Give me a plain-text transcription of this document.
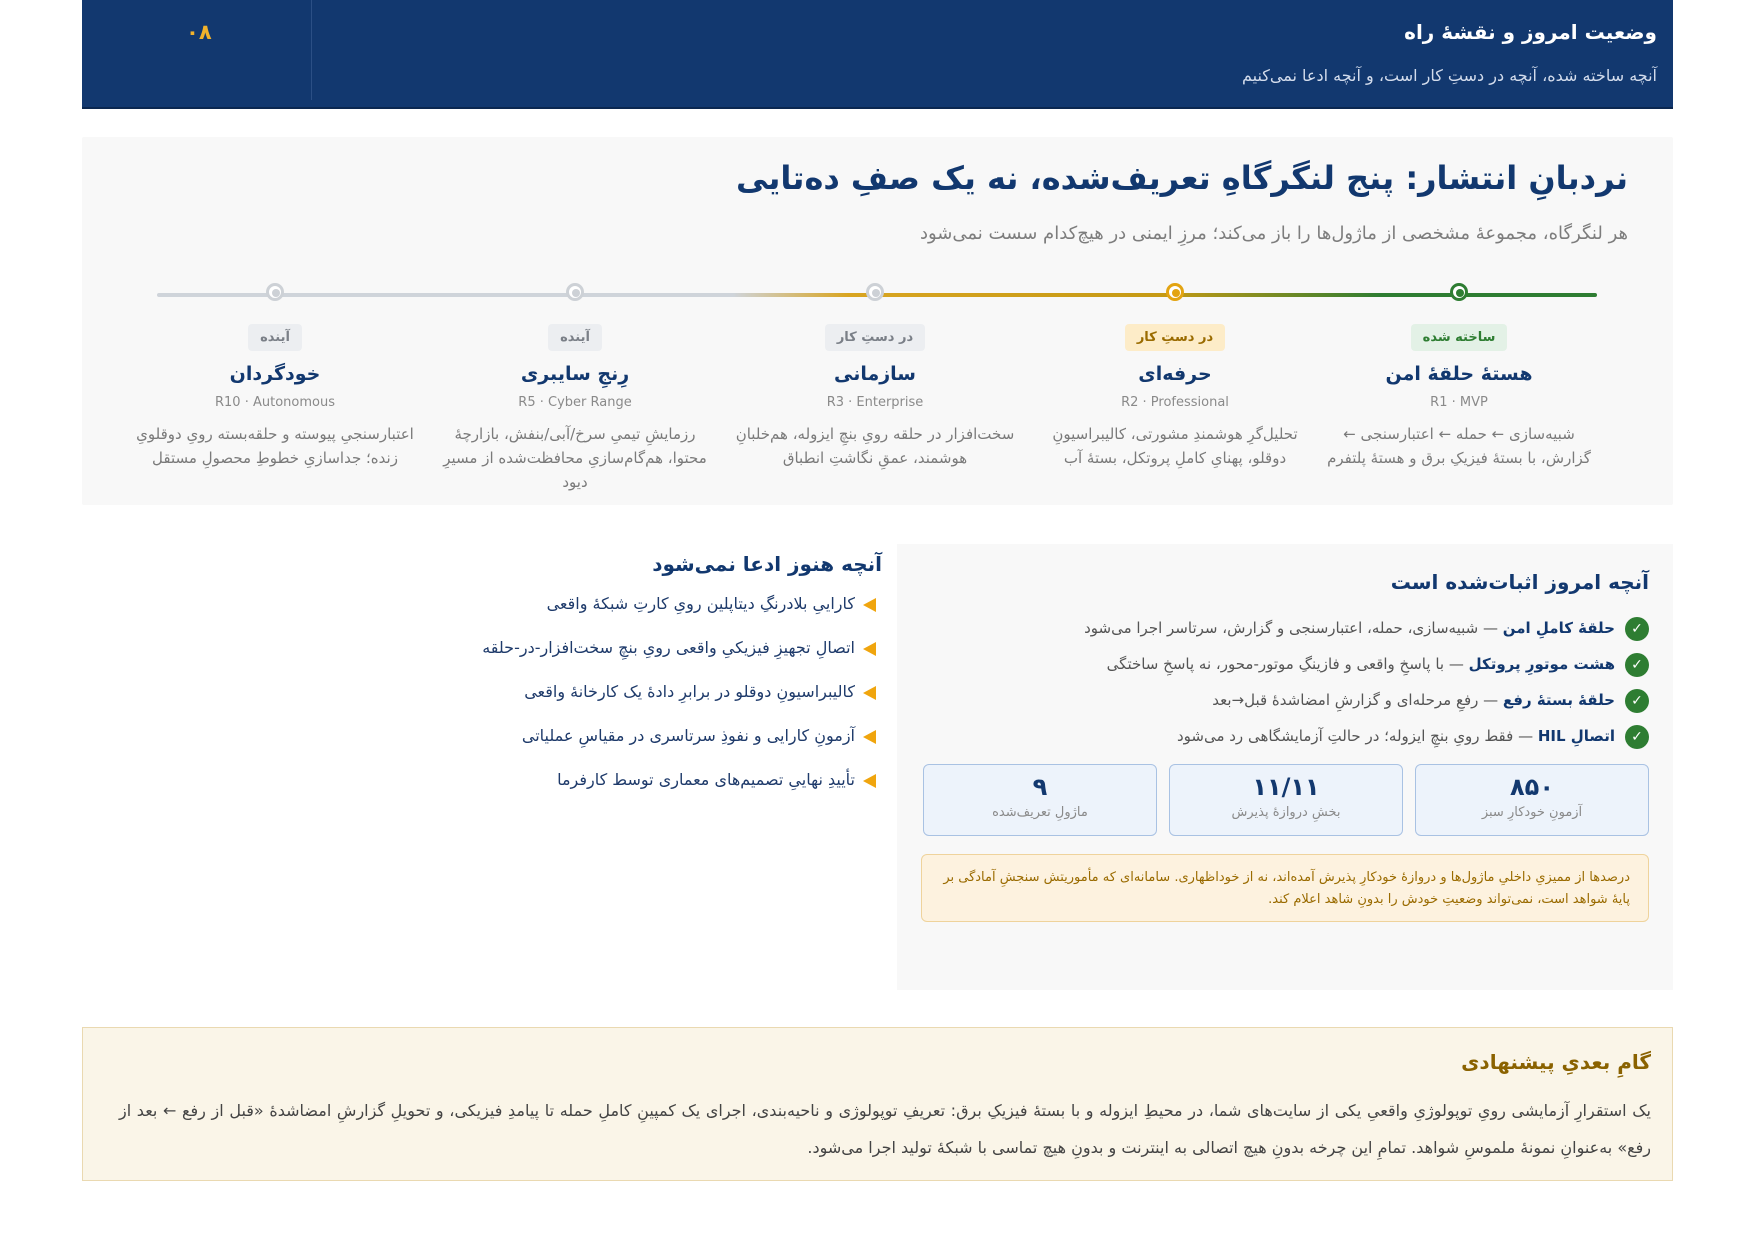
وضعیت امروز و نقشهٔ راه
آنچه ساخته شده، آنچه در دستِ کار است، و آنچه ادعا نمی‌کنیم
۰۸
نردبانِ انتشار: پنج لنگرگاهِ تعریف‌شده، نه یک صفِ ده‌تایی
هر لنگرگاه، مجموعهٔ مشخصی از ماژول‌ها را باز می‌کند؛ مرزِ ایمنی در هیچ‌کدام سست نمی‌شود
ساخته شده
هستهٔ حلقهٔ امن
R1 · MVP
شبیه‌سازی ← حمله ← اعتبارسنجی ← گزارش، با بستهٔ فیزیکِ برق و هستهٔ پلتفرم
در دستِ کار
حرفه‌ای
R2 · Professional
تحلیل‌گرِ هوشمندِ مشورتی، کالیبراسیونِ دوقلو، پهنایِ کاملِ پروتکل، بستهٔ آب
در دستِ کار
سازمانی
R3 · Enterprise
سخت‌افزار در حلقه رویِ بنچِ ایزوله، هم‌خلبانِ هوشمند، عمقِ نگاشتِ انطباق
آینده
رِنجِ سایبری
R5 · Cyber Range
رزمایشِ تیمیِ سرخ/آبی/بنفش، بازارچهٔ محتوا، هم‌گام‌سازیِ محافظت‌شده از مسیرِ دیود
آینده
خودگردان
R10 · Autonomous
اعتبارسنجیِ پیوسته و حلقه‌بسته رویِ دوقلویِ زنده؛ جداسازیِ خطوطِ محصولِ مستقل
آنچه امروز اثبات‌شده است
✓حلقهٔ کاملِ امن — شبیه‌سازی، حمله، اعتبارسنجی و گزارش، سرتاسر اجرا می‌شود
✓هشت موتورِ پروتکل — با پاسخِ واقعی و فازینگِ موتور-محور، نه پاسخِ ساختگی
✓حلقهٔ بستهٔ رفع — رفعِ مرحله‌ای و گزارشِ امضاشدهٔ قبل→بعد
✓اتصالِ HIL — فقط رویِ بنچِ ایزوله؛ در حالتِ آزمایشگاهی رد می‌شود
۸۵۰
آزمونِ خودکارِ سبز
۱۱/۱۱
بخشِ دروازهٔ پذیرش
۹
ماژولِ تعریف‌شده
درصدها از ممیزیِ داخلیِ ماژول‌ها و دروازهٔ خودکارِ پذیرش آمده‌اند، نه از خوداظهاری. سامانه‌ای که مأموریتش سنجشِ آمادگی بر پایهٔ شواهد است، نمی‌تواند وضعیتِ خودش را بدونِ شاهد اعلام کند.
آنچه هنوز ادعا نمی‌شود
کاراییِ بلادرنگِ دیتاپلین رویِ کارتِ شبکهٔ واقعی
اتصالِ تجهیزِ فیزیکیِ واقعی رویِ بنچِ سخت‌افزار-در-حلقه
کالیبراسیونِ دوقلو در برابرِ دادهٔ یک کارخانهٔ واقعی
آزمونِ کارایی و نفوذِ سرتاسری در مقیاسِ عملیاتی
تأییدِ نهاییِ تصمیم‌های معماری توسط کارفرما
گامِ بعدیِ پیشنهادی

یک استقرارِ آزمایشی رویِ توپولوژیِ واقعیِ یکی از سایت‌های شما، در محیطِ ایزوله و با بستهٔ فیزیکِ برق: تعریفِ توپولوژی و ناحیه‌بندی، اجرای یک کمپینِ کاملِ حمله تا پیامدِ فیزیکی، و تحویلِ گزارشِ امضاشدهٔ «قبل از رفع ← بعد از رفع» به‌عنوانِ نمونهٔ ملموسِ شواهد. تمامِ این چرخه بدونِ هیچ اتصالی به اینترنت و بدونِ هیچ تماسی با شبکهٔ تولید اجرا می‌شود.
